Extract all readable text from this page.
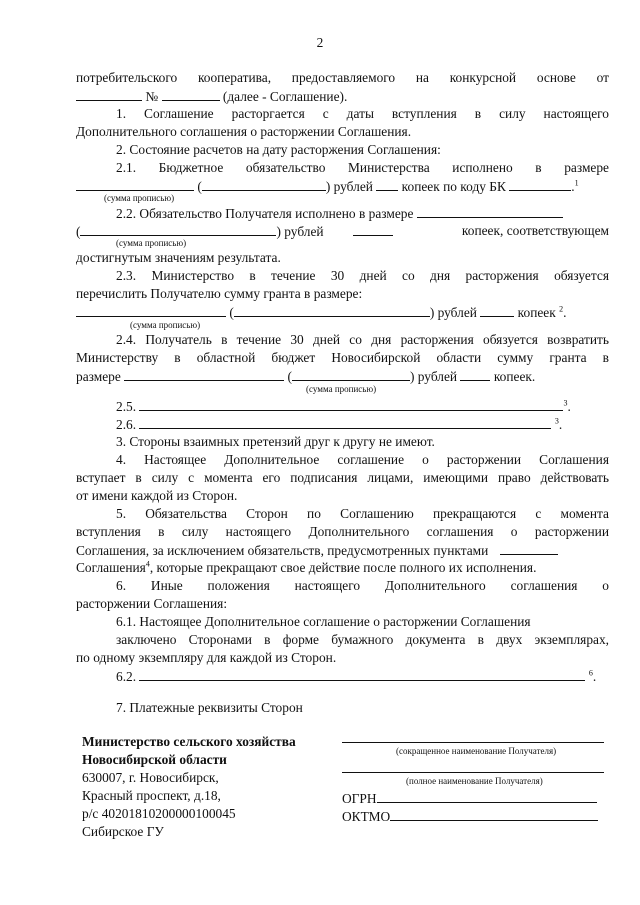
2
потребительского кооператива, предоставляемого на конкурсной основе от
№	(далее - Соглашение).
1. Соглашение расторгается с даты вступления в силу настоящего
Дополнительного соглашения о расторжении Соглашения.
2. Состояние расчетов на дату расторжения Соглашения:
2.1. Бюджетное обязательство Министерства исполнено в размере
(	) рублей копеек по коду БК	.$^1$
(сумма прописью)
2.2. Обязательство Получателя исполнено в размере
(	) рублей	копеек, соответствующем
(сумма прописью)
достигнутым значениям результата.
2.3. Министерство в течение 30 дней со дня расторжения обязуется
перечислить Получателю сумму гранта в размере:
(	) рублей	копеек $^2$.
(сумма прописью)
2.4. Получатель в течение 30 дней со дня расторжения обязуется возвратить
Министерству в областной бюджет Новосибирской области сумму гранта в
размере	(	) рублей	копеек.
(сумма прописью)
2.5.	$^3$.
2.6.	$^3$.
3. Стороны взаимных претензий друг к другу не имеют.
4. Настоящее Дополнительное соглашение о расторжении Соглашения
вступает в силу с момента его подписания лицами, имеющими право действовать
от имени каждой из Сторон.
5. Обязательства Сторон по Соглашению прекращаются с момента
вступления в силу настоящего Дополнительного соглашения о расторжении
Соглашения, за исключением обязательств, предусмотренных пунктами
Соглашения$^4$, которые прекращают свое действие после полного их исполнения.
6. Иные положения настоящего Дополнительного соглашения о
расторжении Соглашения:
6.1. Настоящее Дополнительное соглашение о расторжении Соглашения
заключено Сторонами в форме бумажного документа в двух экземплярах,
по одному экземпляру для каждой из Сторон.
6.2.	$^6$.
7. Платежные реквизиты Сторон
Министерство сельского хозяйства
Новосибирской области
630007, г. Новосибирск,
Красный проспект, д.18,
р/с 40201810200000100045
Сибирское ГУ
(сокращенное наименование Получателя)
(полное наименование Получателя)
ОГРН
ОКТМО
